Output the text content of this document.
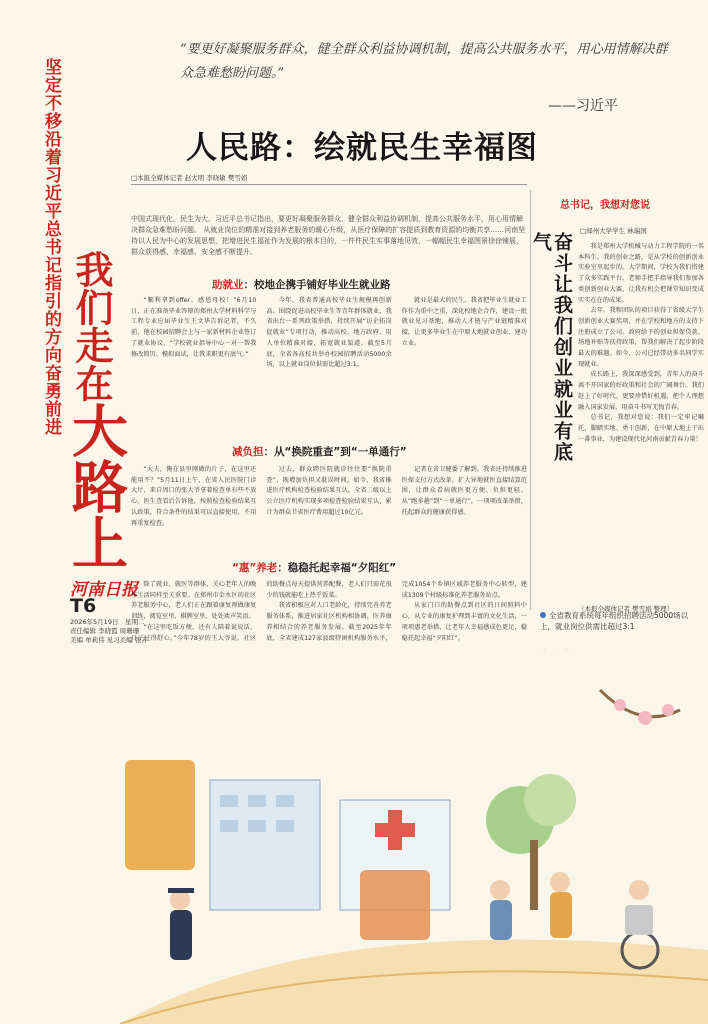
坚定不移沿着习近平总书记指引的方向奋勇前进 我们走在
大路上
河南日报
T6
2026年5月19日　星期二
责任编辑 李晓霞 周珊珊
美编 单莉伟 见习美编 张卉
“要更好凝聚服务群众，健全群众利益协调机制，提高公共服务水平，用心用情解决群众急难愁盼问题。”
——习近平
人民路：绘就民生幸福图
□本报全媒体记者 赵大明 李晓敏 樊雪娟
中国式现代化，民生为大。习近平总书记指出，要更好凝聚服务群众，健全群众利益协调机制，提高公共服务水平，用心用情解决群众急难愁盼问题。 从就业岗位的精准对接到养老服务的暖心升级，从医疗保障的扩容提质到教育资源的均衡共享……河南坚持以人民为中心的发展思想，把增进民生福祉作为发展的根本目的，一件件民生实事落地见效，一幅幅民生幸福图景徐徐铺展，群众获得感、幸福感、安全感不断提升。
助就业：校地企携手铺好毕业生就业路

“顺利拿到offer，感恩母校！”6月10日，正在准备毕业答辩的郑州大学材料科学与工程专业应届毕业生王文华告诉记者，不久前，他在校园招聘会上与一家新材料企业签订了就业协议，“学校就业指导中心一对一帮我修改简历、模拟面试，让我求职更有底气。”

今年，我省普通高校毕业生规模再创新高。围绕促进高校毕业生等青年群体就业，我省出台一系列政策举措，持续开展“访企拓岗促就业”专项行动，推动高校、地方政府、用人单位精准对接，拓宽就业渠道。截至5月底，全省各高校共举办校园招聘活动5000余场，以上就业岗位供需比超过3:1。

就业是最大的民生。我省把毕业生就业工作作为重中之重，深化校地企合作，建设一批就业见习基地，推动人才链与产业链精准对接，让更多毕业生在中原大地就业创业、建功立业。

减负担：从“换院重查”到“一单通行”

“大夫，俺在县里刚做的片子，在这里还能用不？”5月11日上午，在省人民医院门诊大厅，来自周口的张大爷拿着检查单有些不放心。医生查看后告诉他，按照检查检验结果互认政策，符合条件的结果可以直接使用，不用再重复检查。

过去，群众跨医院就诊往往要“换院重查”，既增加负担又耽误时间。如今，我省推进医疗机构检查检验结果互认，全省二级以上公立医疗机构实现多项检查检验结果互认，累计为群众节省医疗费用超过10亿元。

记者在省卫健委了解到，我省还持续推进医保支付方式改革，扩大异地就医直接结算范围，让群众看病就医更方便、负担更轻。从“跑多趟”到“一单通行”，一项项改革举措，托起群众的健康获得感。

“惠”养老：稳稳托起幸福“夕阳红”

除了就业、就医等群体，关心老年人的晚年生活同样至关重要。在郑州市金水区的社区养老服务中心，老人们正在跟着康复师做康复训练，阅览室里、棋牌室里，处处欢声笑语。

“在这里吃饭方便，还有人陪着说说话，日子过得舒心。”今年78岁的王大爷说，社区的助餐点每天提供营养配餐，老人们只需花很少的钱就能吃上热乎饭菜。

我省积极应对人口老龄化，持续完善养老服务体系，推进居家社区机构相协调、医养康养相结合的养老服务发展。截至2025年年底，全省建成127家县级特困机构服务水平，完成1054个乡镇区域养老服务中心转型，建成1309个村级标准化养老服务站点。

从家门口的助餐点到社区的日间照料中心，从专业的康复护理到丰富的文化生活，一项项惠老举措，让老年人幸福感成色更足，稳稳托起幸福“夕阳红”。

总书记，我想对您说
□郑州大学学生 林瑞国
奋斗让我们创业就业有底气	我是郑州大学机械与动力工程学院的一名本科生。我的创业之路，是从学校的创新创业实验室里起步的。大学期间，学校为我们搭建了众多实践平台，老师手把手指导我们参加各类创新创业大赛，让我有机会把课堂知识变成实实在在的成果。

去年，我和团队的项目获得了省级大学生创新创业大赛奖项，并在学校和地方的支持下注册成立了公司。政府给予的创业担保贷款、场地补贴等扶持政策，帮我们解决了起步阶段最大的难题。如今，公司已经带动多名同学实现就业。

成长路上，我深深感受到，青年人的奋斗离不开国家的好政策和社会的广阔舞台。我们赶上了好时代，更要珍惜好机遇，把个人理想融入国家发展，用奋斗书写无悔青春。

总书记，我想对您说：我们一定牢记嘱托，脚踏实地、勇于创新，在中原大地上干出一番事业，为建设现代化河南贡献青春力量！

（本报全媒体记者 樊雪娟 整理）
全省教育系统每年组织招聘活动5000场以上，就业岗位供需比超过3:1
